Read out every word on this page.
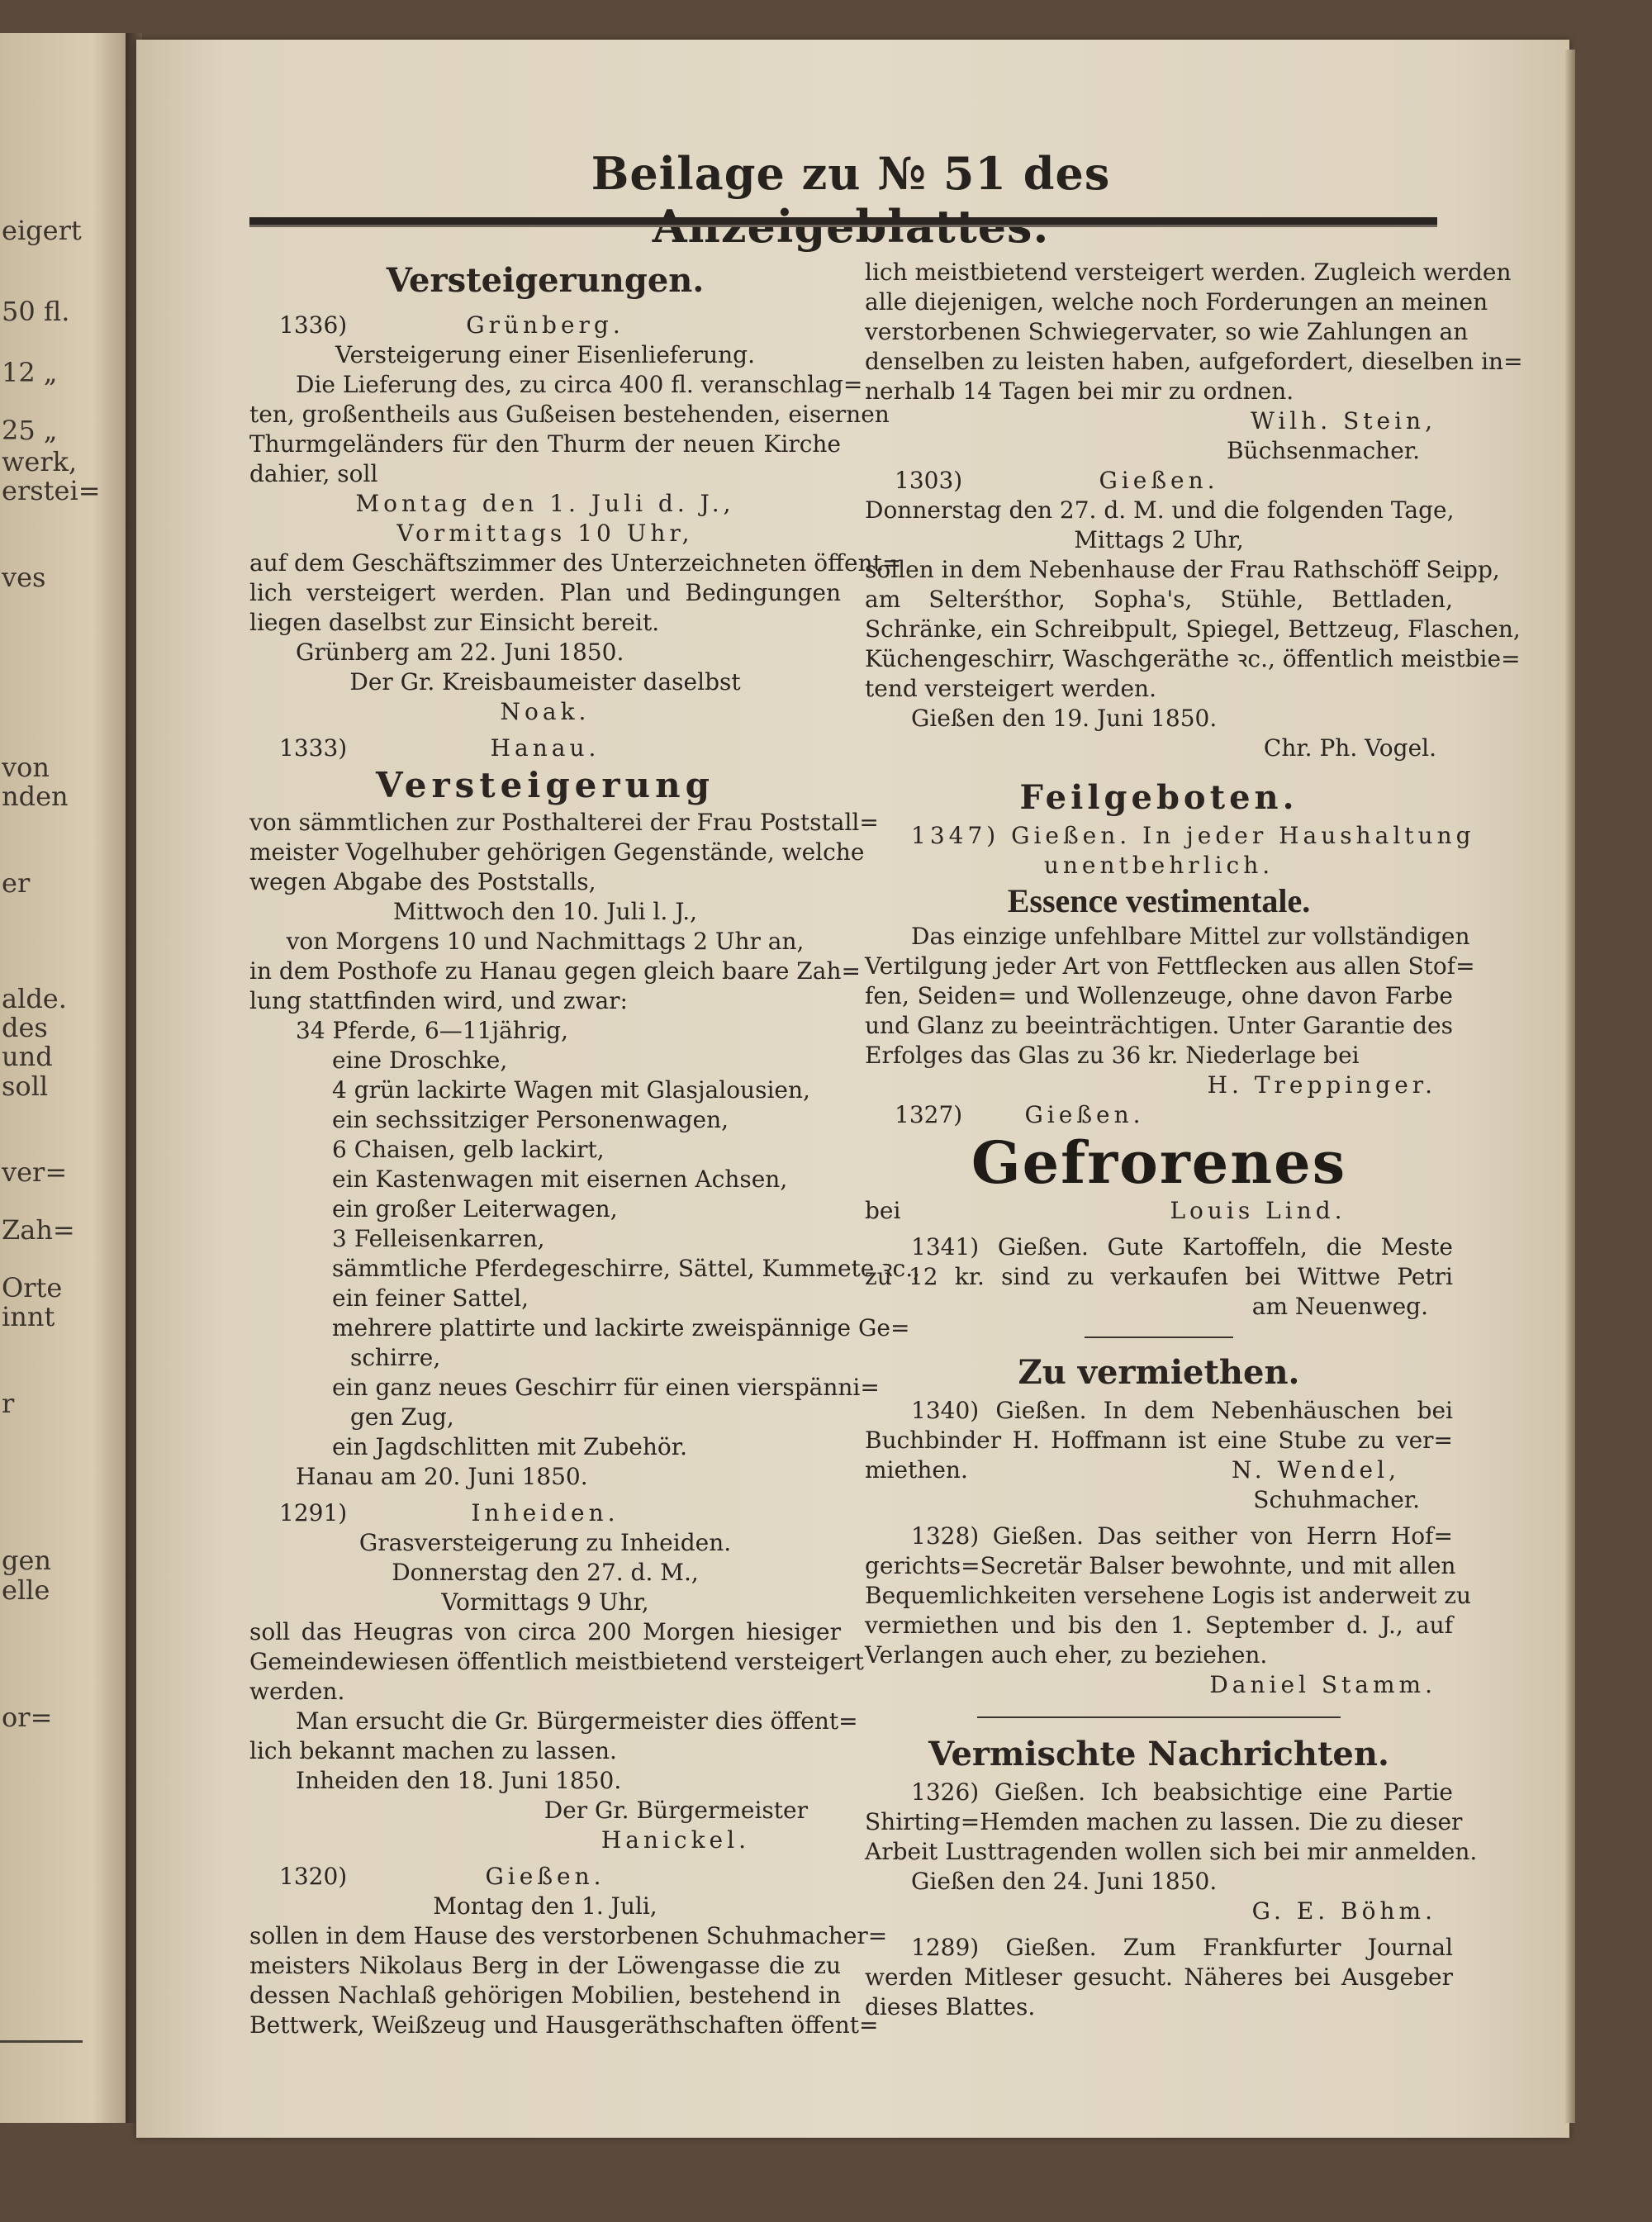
eigert
50 fl.
12 „
25 „
werk,
erstei=
ves
von
nden
er
alde.
des
und
soll
ver=
Zah=
Orte
innt
r
gen
elle
or=
Beilage zu № 51 des
Versteigerungen.
1336)	Grünberg.
Versteigerung einer Eisenlieferung.
Die Lieferung des, zu circa 400 fl. veranschlag=
ten, großentheils aus Gußeisen bestehenden, eisernen
Thurmgeländers für den Thurm der neuen Kirche
dahier, soll
Montag den 1. Juli d. J.,
Vormittags 10 Uhr,
auf dem Geschäftszimmer des Unterzeichneten öffent=
lich versteigert werden. Plan und Bedingungen
liegen daselbst zur Einsicht bereit.
Grünberg am 22. Juni 1850.
Der Gr. Kreisbaumeister daselbst
Noak.
1333)	Hanau.
Versteigerung
von sämmtlichen zur Posthalterei der Frau Poststall=
meister Vogelhuber gehörigen Gegenstände, welche
wegen Abgabe des Poststalls,
Mittwoch den 10. Juli l. J.,
von Morgens 10 und Nachmittags 2 Uhr an,
in dem Posthofe zu Hanau gegen gleich baare Zah=
lung stattfinden wird, und zwar:
34 Pferde, 6—11jährig,
eine Droschke,
4 grün lackirte Wagen mit Glasjalousien,
ein sechssitziger Personenwagen,
6 Chaisen, gelb lackirt,
ein Kastenwagen mit eisernen Achsen,
ein großer Leiterwagen,
3 Felleisenkarren,
sämmtliche Pferdegeschirre, Sättel, Kummete ꝛc.,
ein feiner Sattel,
mehrere plattirte und lackirte zweispännige Ge=
schirre,
ein ganz neues Geschirr für einen vierspänni=
gen Zug,
ein Jagdschlitten mit Zubehör.
Hanau am 20. Juni 1850.
1291)	Inheiden.
Grasversteigerung zu Inheiden.
Donnerstag den 27. d. M.,
Vormittags 9 Uhr,
soll das Heugras von circa 200 Morgen hiesiger
Gemeindewiesen öffentlich meistbietend versteigert
werden.
Man ersucht die Gr. Bürgermeister dies öffent=
lich bekannt machen zu lassen.
Inheiden den 18. Juni 1850.
Der Gr. Bürgermeister
Hanickel.
1320)	Gießen.
Montag den 1. Juli,
sollen in dem Hause des verstorbenen Schuhmacher=
meisters Nikolaus Berg in der Löwengasse die zu
dessen Nachlaß gehörigen Mobilien, bestehend in
Bettwerk, Weißzeug und Hausgeräthschaften öffent=
lich meistbietend versteigert werden. Zugleich werden
alle diejenigen, welche noch Forderungen an meinen
verstorbenen Schwiegervater, so wie Zahlungen an
denselben zu leisten haben, aufgefordert, dieselben in=
nerhalb 14 Tagen bei mir zu ordnen.
Wilh. Stein,
Büchsenmacher.
1303)	Gießen.
Donnerstag den 27. d. M. und die folgenden Tage,
Mittags 2 Uhr,
sollen in dem Nebenhause der Frau Rathschöff Seipp,
am Selterśthor, Sopha's, Stühle, Bettladen,
Schränke, ein Schreibpult, Spiegel, Bettzeug, Flaschen,
Küchengeschirr, Waschgeräthe ꝛc., öffentlich meistbie=
tend versteigert werden.
Gießen den 19. Juni 1850.
Chr. Ph. Vogel.
Feilgeboten.
1347) Gießen. In jeder Haushaltung
unentbehrlich.
Essence vestimentale.
Das einzige unfehlbare Mittel zur vollständigen
Vertilgung jeder Art von Fettflecken aus allen Stof=
fen, Seiden= und Wollenzeuge, ohne davon Farbe
und Glanz zu beeinträchtigen. Unter Garantie des
Erfolges das Glas zu 36 kr. Niederlage bei
H. Treppinger.
1327)	Gießen.
Gefrorenes
bei	Louis Lind.
1341) Gießen. Gute Kartoffeln, die Meste
zu 12 kr. sind zu verkaufen bei Wittwe Petri
am Neuenweg.
Zu vermiethen.
1340) Gießen. In dem Nebenhäuschen bei
Buchbinder H. Hoffmann ist eine Stube zu ver=
miethen.	N. Wendel,
Schuhmacher.
1328) Gießen. Das seither von Herrn Hof=
gerichts=Secretär Balser bewohnte, und mit allen
Bequemlichkeiten versehene Logis ist anderweit zu
vermiethen und bis den 1. September d. J., auf
Verlangen auch eher, zu beziehen.
Daniel Stamm.
Vermischte Nachrichten.
1326) Gießen. Ich beabsichtige eine Partie
Shirting=Hemden machen zu lassen. Die zu dieser
Arbeit Lusttragenden wollen sich bei mir anmelden.
Gießen den 24. Juni 1850.
G. E. Böhm.
1289) Gießen. Zum Frankfurter Journal
werden Mitleser gesucht. Näheres bei Ausgeber
dieses Blattes.
